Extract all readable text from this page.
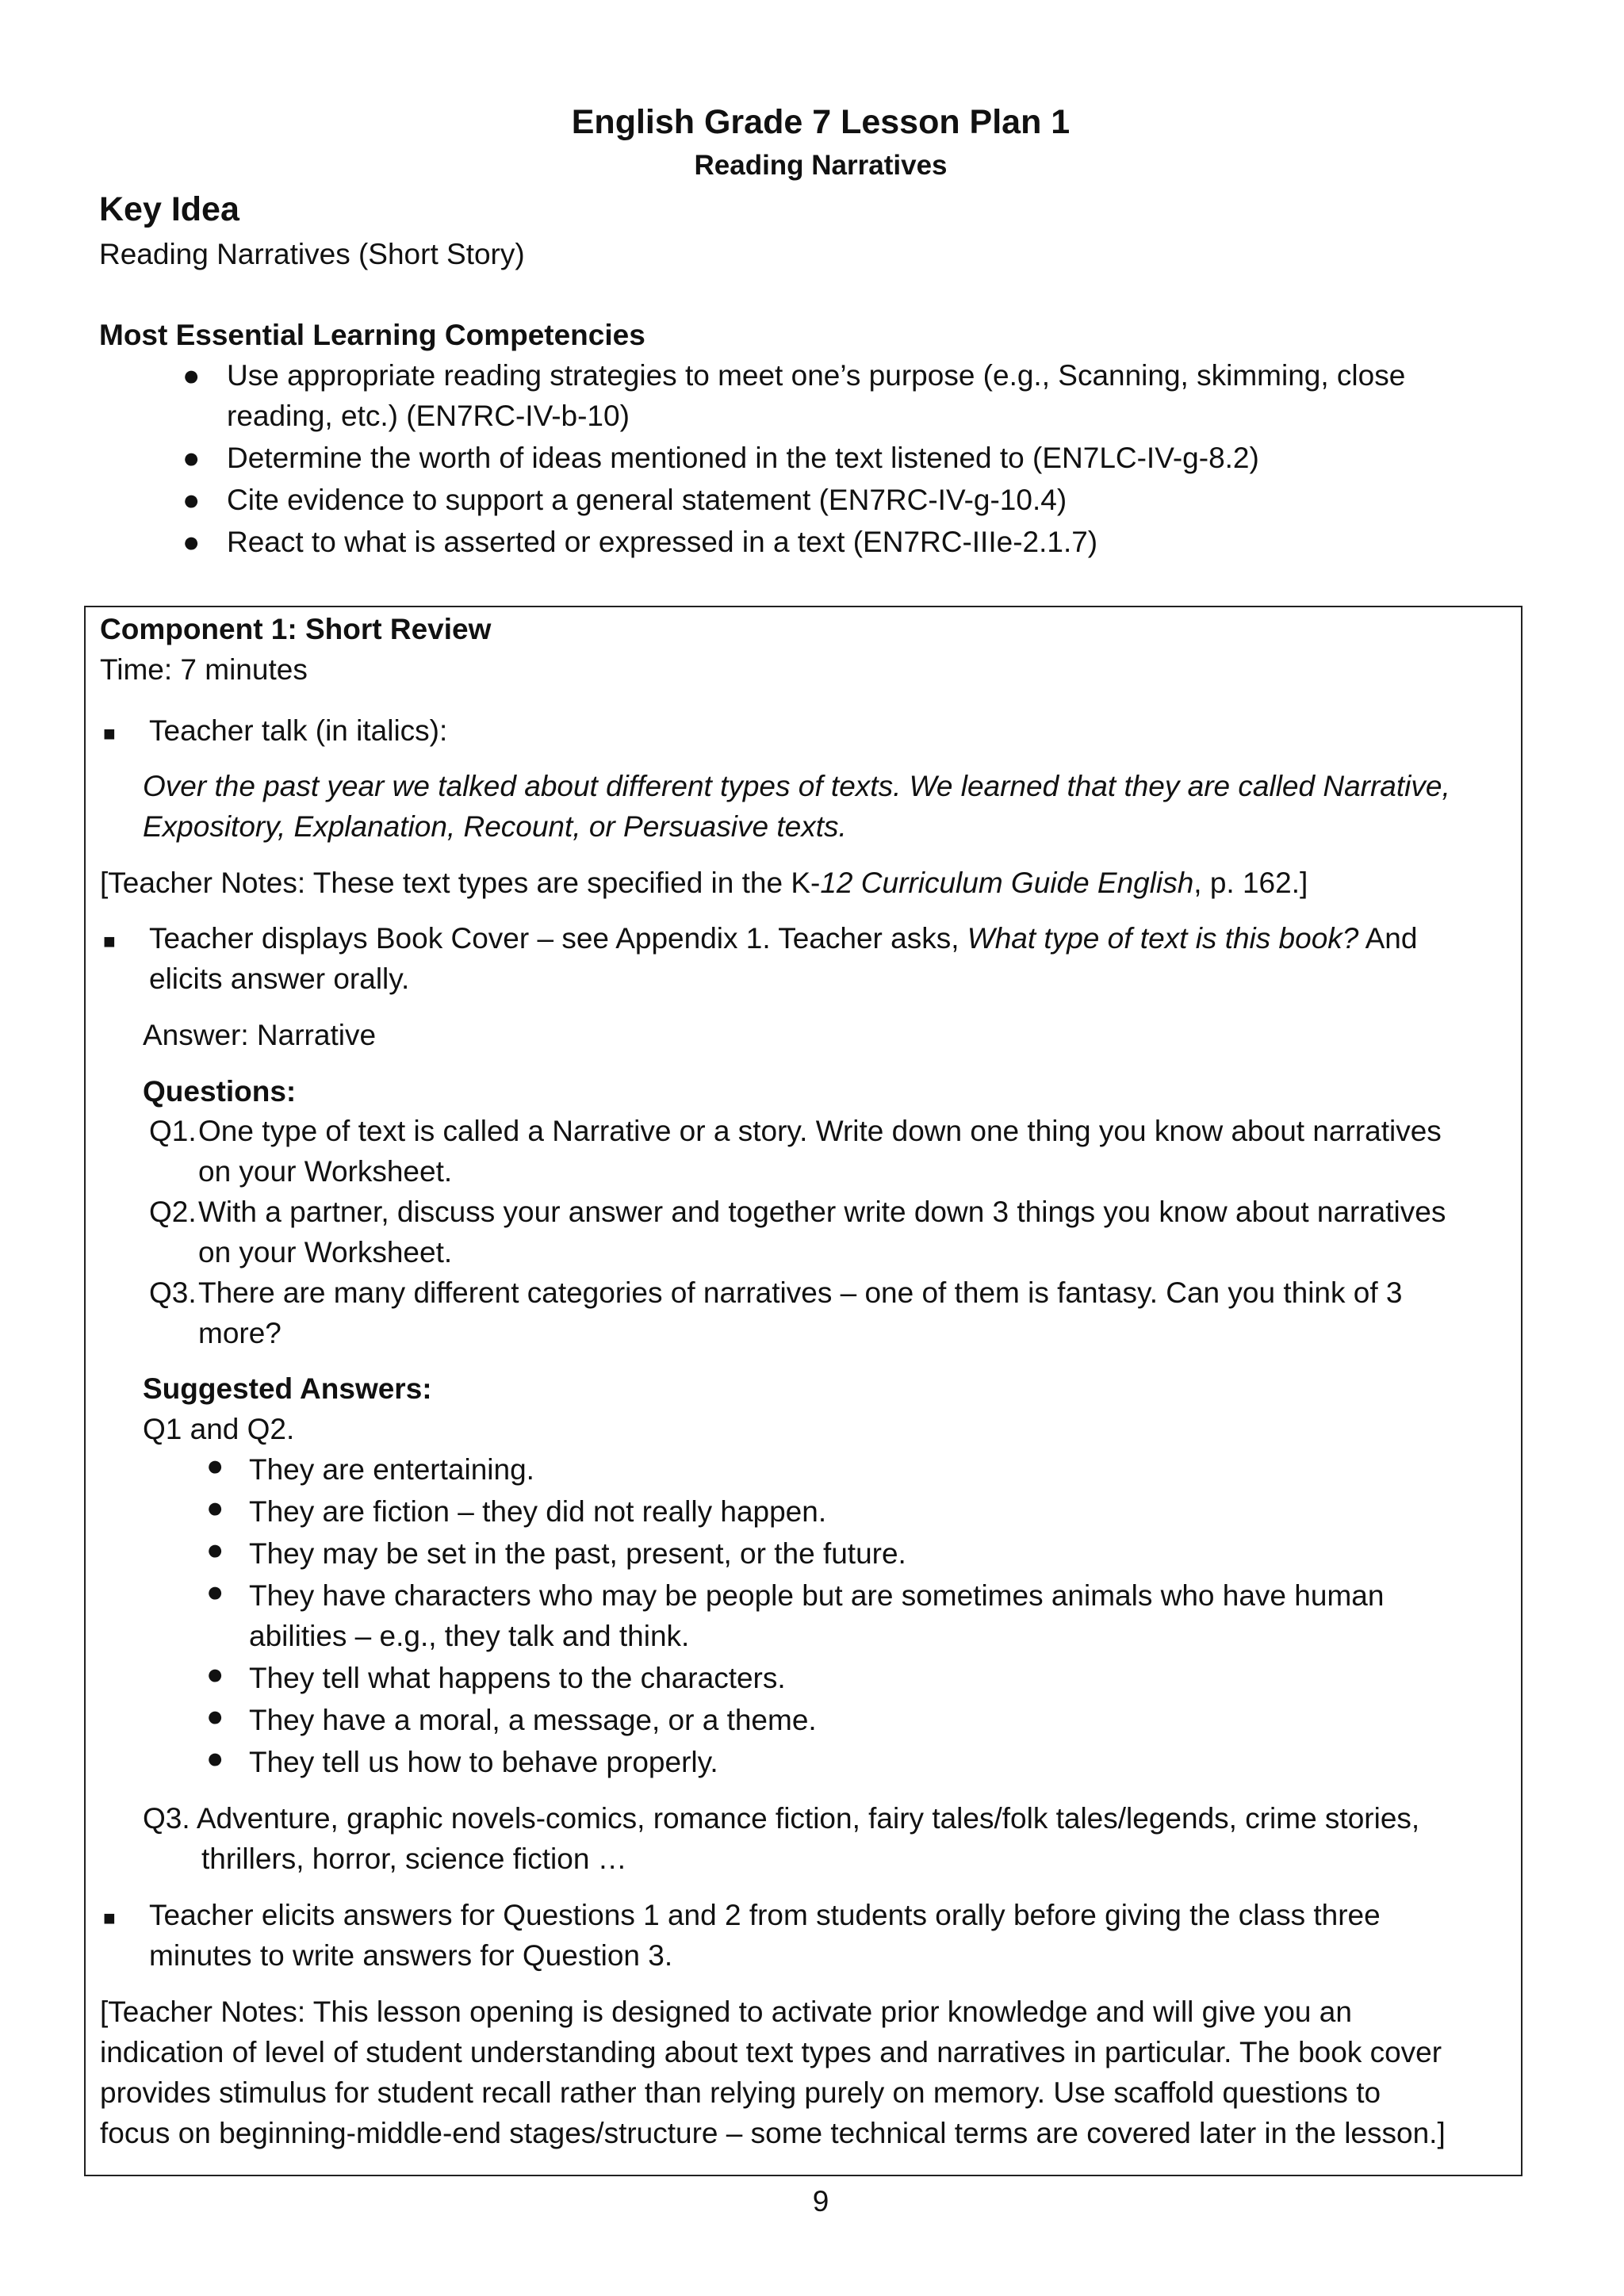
English Grade 7 Lesson Plan 1
Reading Narratives
Key Idea
Reading Narratives (Short Story)
Most Essential Learning Competencies
● Use appropriate reading strategies to meet one’s purpose (e.g., Scanning, skimming, close reading, etc.) (EN7RC-IV-b-10)
● Determine the worth of ideas mentioned in the text listened to (EN7LC-IV-g-8.2)
● Cite evidence to support a general statement (EN7RC-IV-g-10.4)
● React to what is asserted or expressed in a text (EN7RC-IIIe-2.1.7)
Component 1: Short Review
Time: 7 minutes
■ Teacher talk (in italics):
Over the past year we talked about different types of texts. We learned that they are called Narrative,
Expository, Explanation, Recount, or Persuasive texts.
[Teacher Notes: These text types are specified in the K-12 Curriculum Guide English, p. 162.]
■ Teacher displays Book Cover – see Appendix 1. Teacher asks, What type of text is this book? And
elicits answer orally.
Answer: Narrative
Questions:
Q1. One type of text is called a Narrative or a story. Write down one thing you know about narratives
on your Worksheet.
Q2. With a partner, discuss your answer and together write down 3 things you know about narratives
on your Worksheet.
Q3. There are many different categories of narratives – one of them is fantasy. Can you think of 3
more?
Suggested Answers:
Q1 and Q2.
● They are entertaining.
● They are fiction – they did not really happen.
● They may be set in the past, present, or the future.
● They have characters who may be people but are sometimes animals who have human
abilities – e.g., they talk and think.
● They tell what happens to the characters.
● They have a moral, a message, or a theme.
● They tell us how to behave properly.
Q3. Adventure, graphic novels-comics, romance fiction, fairy tales/folk tales/legends, crime stories,
thrillers, horror, science fiction …
■ Teacher elicits answers for Questions 1 and 2 from students orally before giving the class three
minutes to write answers for Question 3.
[Teacher Notes: This lesson opening is designed to activate prior knowledge and will give you an
indication of level of student understanding about text types and narratives in particular. The book cover
provides stimulus for student recall rather than relying purely on memory. Use scaffold questions to
focus on beginning-middle-end stages/structure – some technical terms are covered later in the lesson.]
9
